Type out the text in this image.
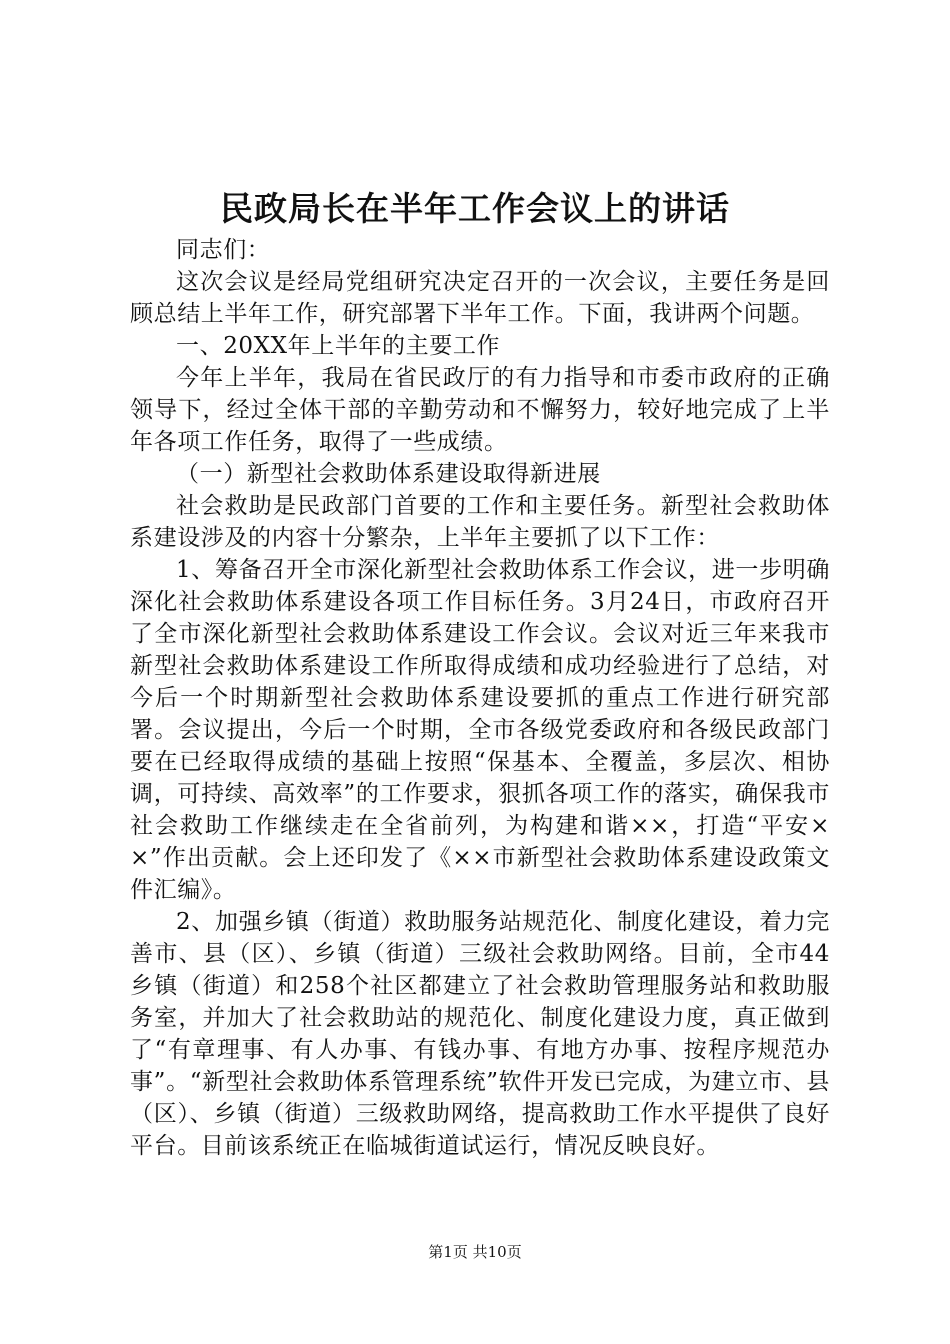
民政局长在半年工作会议上的讲话

同志们：

这次会议是经局党组研究决定召开的一次会议，主要任务是回顾总结上半年工作，研究部署下半年工作。下面，我讲两个问题。

一、20XX年上半年的主要工作

今年上半年，我局在省民政厅的有力指导和市委市政府的正确领导下，经过全体干部的辛勤劳动和不懈努力，较好地完成了上半年各项工作任务，取得了一些成绩。

（一）新型社会救助体系建设取得新进展

社会救助是民政部门首要的工作和主要任务。新型社会救助体系建设涉及的内容十分繁杂，上半年主要抓了以下工作：

1、筹备召开全市深化新型社会救助体系工作会议，进一步明确深化社会救助体系建设各项工作目标任务。3月24日，市政府召开了全市深化新型社会救助体系建设工作会议。会议对近三年来我市新型社会救助体系建设工作所取得成绩和成功经验进行了总结，对今后一个时期新型社会救助体系建设要抓的重点工作进行研究部署。会议提出，今后一个时期，全市各级党委政府和各级民政部门要在已经取得成绩的基础上按照“保基本、全覆盖，多层次、相协调，可持续、高效率”的工作要求，狠抓各项工作的落实，确保我市社会救助工作继续走在全省前列，为构建和谐××，打造“平安××”作出贡献。会上还印发了《××市新型社会救助体系建设政策文件汇编》。

2、加强乡镇（街道）救助服务站规范化、制度化建设，着力完善市、县（区）、乡镇（街道）三级社会救助网络。目前，全市44乡镇（街道）和258个社区都建立了社会救助管理服务站和救助服务室，并加大了社会救助站的规范化、制度化建设力度，真正做到了“有章理事、有人办事、有钱办事、有地方办事、按程序规范办事”。“新型社会救助体系管理系统”软件开发已完成，为建立市、县（区）、乡镇（街道）三级救助网络，提高救助工作水平提供了良好平台。目前该系统正在临城街道试运行，情况反映良好。

第1页 共10页
